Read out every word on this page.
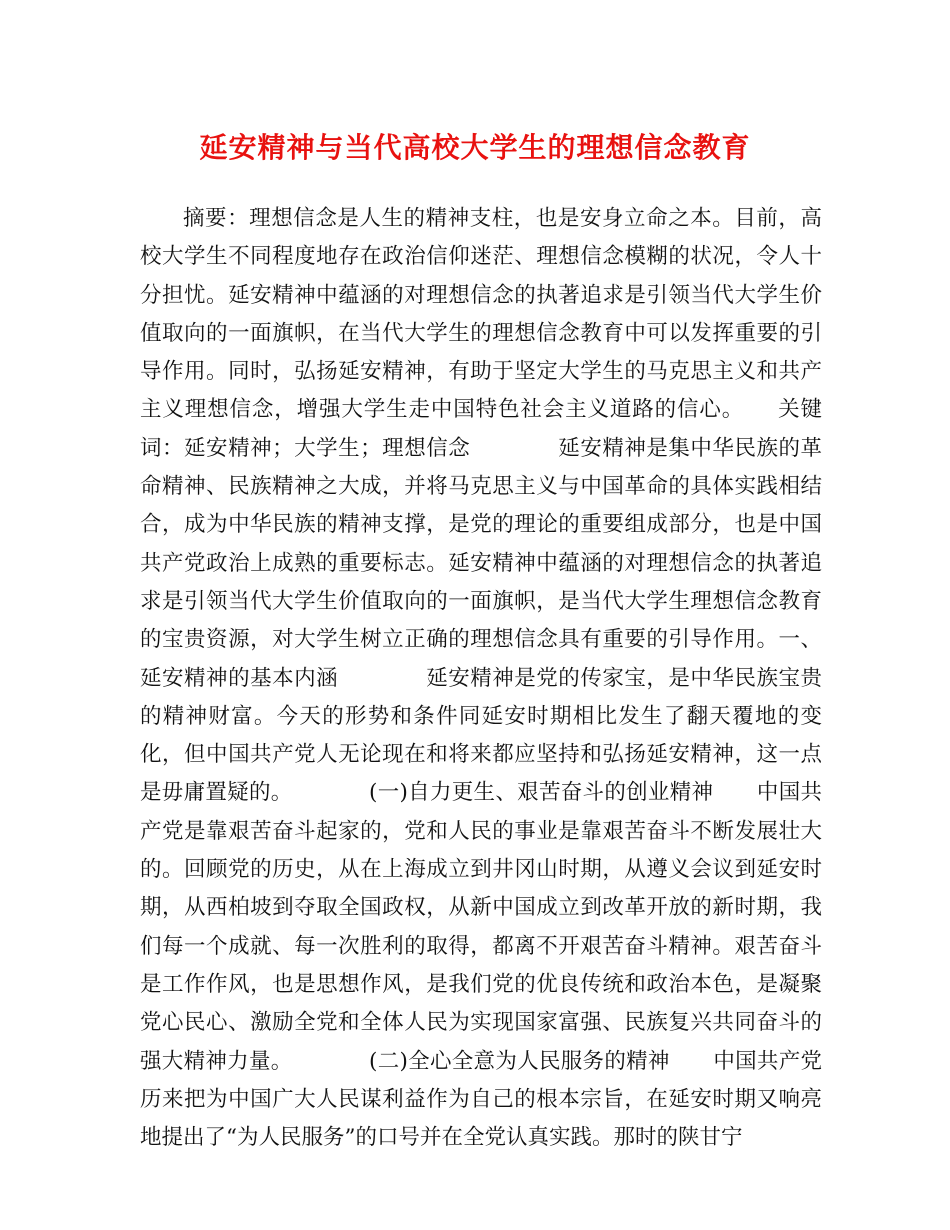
延安精神与当代高校大学生的理想信念教育

摘要：理想信念是人生的精神支柱，也是安身立命之本。目前，高校大学生不同程度地存在政治信仰迷茫、理想信念模糊的状况，令人十分担忧。延安精神中蕴涵的对理想信念的执著追求是引领当代大学生价值取向的一面旗帜，在当代大学生的理想信念教育中可以发挥重要的引导作用。同时，弘扬延安精神，有助于坚定大学生的马克思主义和共产主义理想信念，增强大学生走中国特色社会主义道路的信心。　　关键词：延安精神；大学生；理想信念　　　　延安精神是集中华民族的革命精神、民族精神之大成，并将马克思主义与中国革命的具体实践相结合，成为中华民族的精神支撑，是党的理论的重要组成部分，也是中国共产党政治上成熟的重要标志。延安精神中蕴涵的对理想信念的执著追求是引领当代大学生价值取向的一面旗帜，是当代大学生理想信念教育的宝贵资源，对大学生树立正确的理想信念具有重要的引导作用。一、延安精神的基本内涵　　　　延安精神是党的传家宝，是中华民族宝贵的精神财富。今天的形势和条件同延安时期相比发生了翻天覆地的变化，但中国共产党人无论现在和将来都应坚持和弘扬延安精神，这一点是毋庸置疑的。　　　　(一)自力更生、艰苦奋斗的创业精神　　中国共产党是靠艰苦奋斗起家的，党和人民的事业是靠艰苦奋斗不断发展壮大的。回顾党的历史，从在上海成立到井冈山时期，从遵义会议到延安时期，从西柏坡到夺取全国政权，从新中国成立到改革开放的新时期，我们每一个成就、每一次胜利的取得，都离不开艰苦奋斗精神。艰苦奋斗是工作作风，也是思想作风，是我们党的优良传统和政治本色，是凝聚党心民心、激励全党和全体人民为实现国家富强、民族复兴共同奋斗的强大精神力量。　　　　(二)全心全意为人民服务的精神　　中国共产党历来把为中国广大人民谋利益作为自己的根本宗旨，在延安时期又响亮地提出了“为人民服务”的口号并在全党认真实践。那时的陕甘宁
